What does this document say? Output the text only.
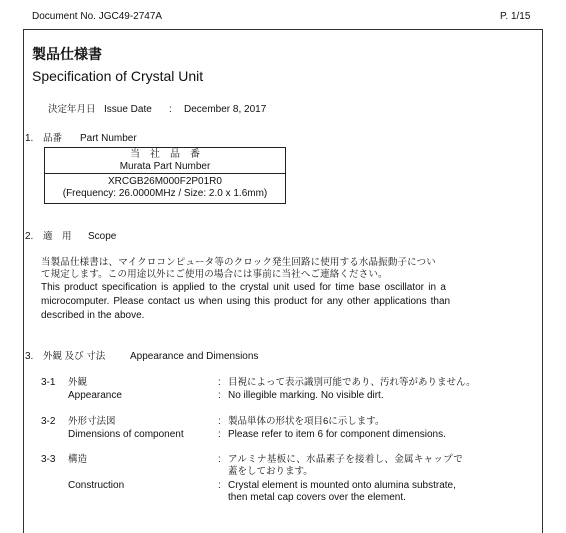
Document No. JGC49-2747A	P. 1/15
製品仕様書
Specification of Crystal Unit
決定年月日 Issue Date : December 8, 2017
1. 品番 Part Number
当　社　品　番
Murata Part Number
XRCGB26M000F2P01R0
(Frequency: 26.0000MHz / Size: 2.0 x 1.6mm)
2. 適　用 Scope
当製品仕様書は、マイクロコンピュータ等のクロック発生回路に使用する水晶振動子につい
て規定します。この用途以外にご使用の場合には事前に当社へご連絡ください。
This product specification is applied to the crystal unit used for time base oscillator in a
microcomputer. Please contact us when using this product for any other applications than
described in the above.
3. 外観 及び 寸法 Appearance and Dimensions
3-1 外観
Appearance
:
:
目視によって表示識別可能であり、汚れ等がありません。
No illegible marking. No visible dirt.
3-2 外形寸法図
Dimensions of component
:
:
製品単体の形状を項目6に示します。
Please refer to item 6 for component dimensions.
3-3 構造
Construction
:
:
アルミナ基板に、水晶素子を接着し、金属キャップで
蓋をしております。
Crystal element is mounted onto alumina substrate,
then metal cap covers over the element.
